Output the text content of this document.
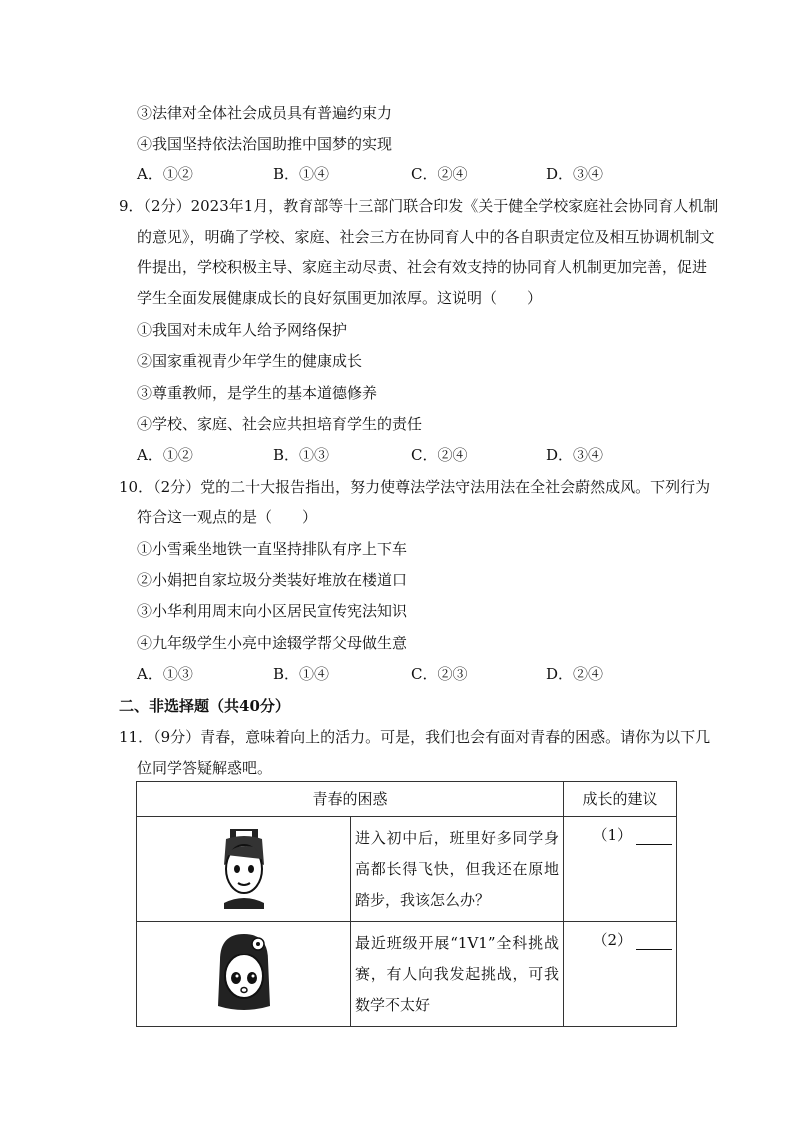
③法律对全体社会成员具有普遍约束力
④我国坚持依法治国助推中国梦的实现
A．①②	B．①④	C．②④	D．③④
9．（2分）2023年1月，教育部等十三部门联合印发《关于健全学校家庭社会协同育人机制
的意见》，明确了学校、家庭、社会三方在协同育人中的各自职责定位及相互协调机制文
件提出，学校积极主导、家庭主动尽责、社会有效支持的协同育人机制更加完善，促进
学生全面发展健康成长的良好氛围更加浓厚。这说明（　　）
①我国对未成年人给予网络保护
②国家重视青少年学生的健康成长
③尊重教师，是学生的基本道德修养
④学校、家庭、社会应共担培育学生的责任
A．①②	B．①③	C．②④	D．③④
10．（2分）党的二十大报告指出，努力使尊法学法守法用法在全社会蔚然成风。下列行为
符合这一观点的是（　　）
①小雪乘坐地铁一直坚持排队有序上下车
②小娟把自家垃圾分类装好堆放在楼道口
③小华利用周末向小区居民宣传宪法知识
④九年级学生小亮中途辍学帮父母做生意
A．①③	B．①④	C．②③	D．②④
二、非选择题（共40分）
11．（9分）青春，意味着向上的活力。可是，我们也会有面对青春的困惑。请你为以下几
位同学答疑解惑吧。
青春的困惑		成长的建议
	进入初中后，班里好多同学身高都长得飞快，但我还在原地踏步，我该怎么办？	（1）
	最近班级开展“1V1”全科挑战赛，有人向我发起挑战，可我数学不太好	（2）
